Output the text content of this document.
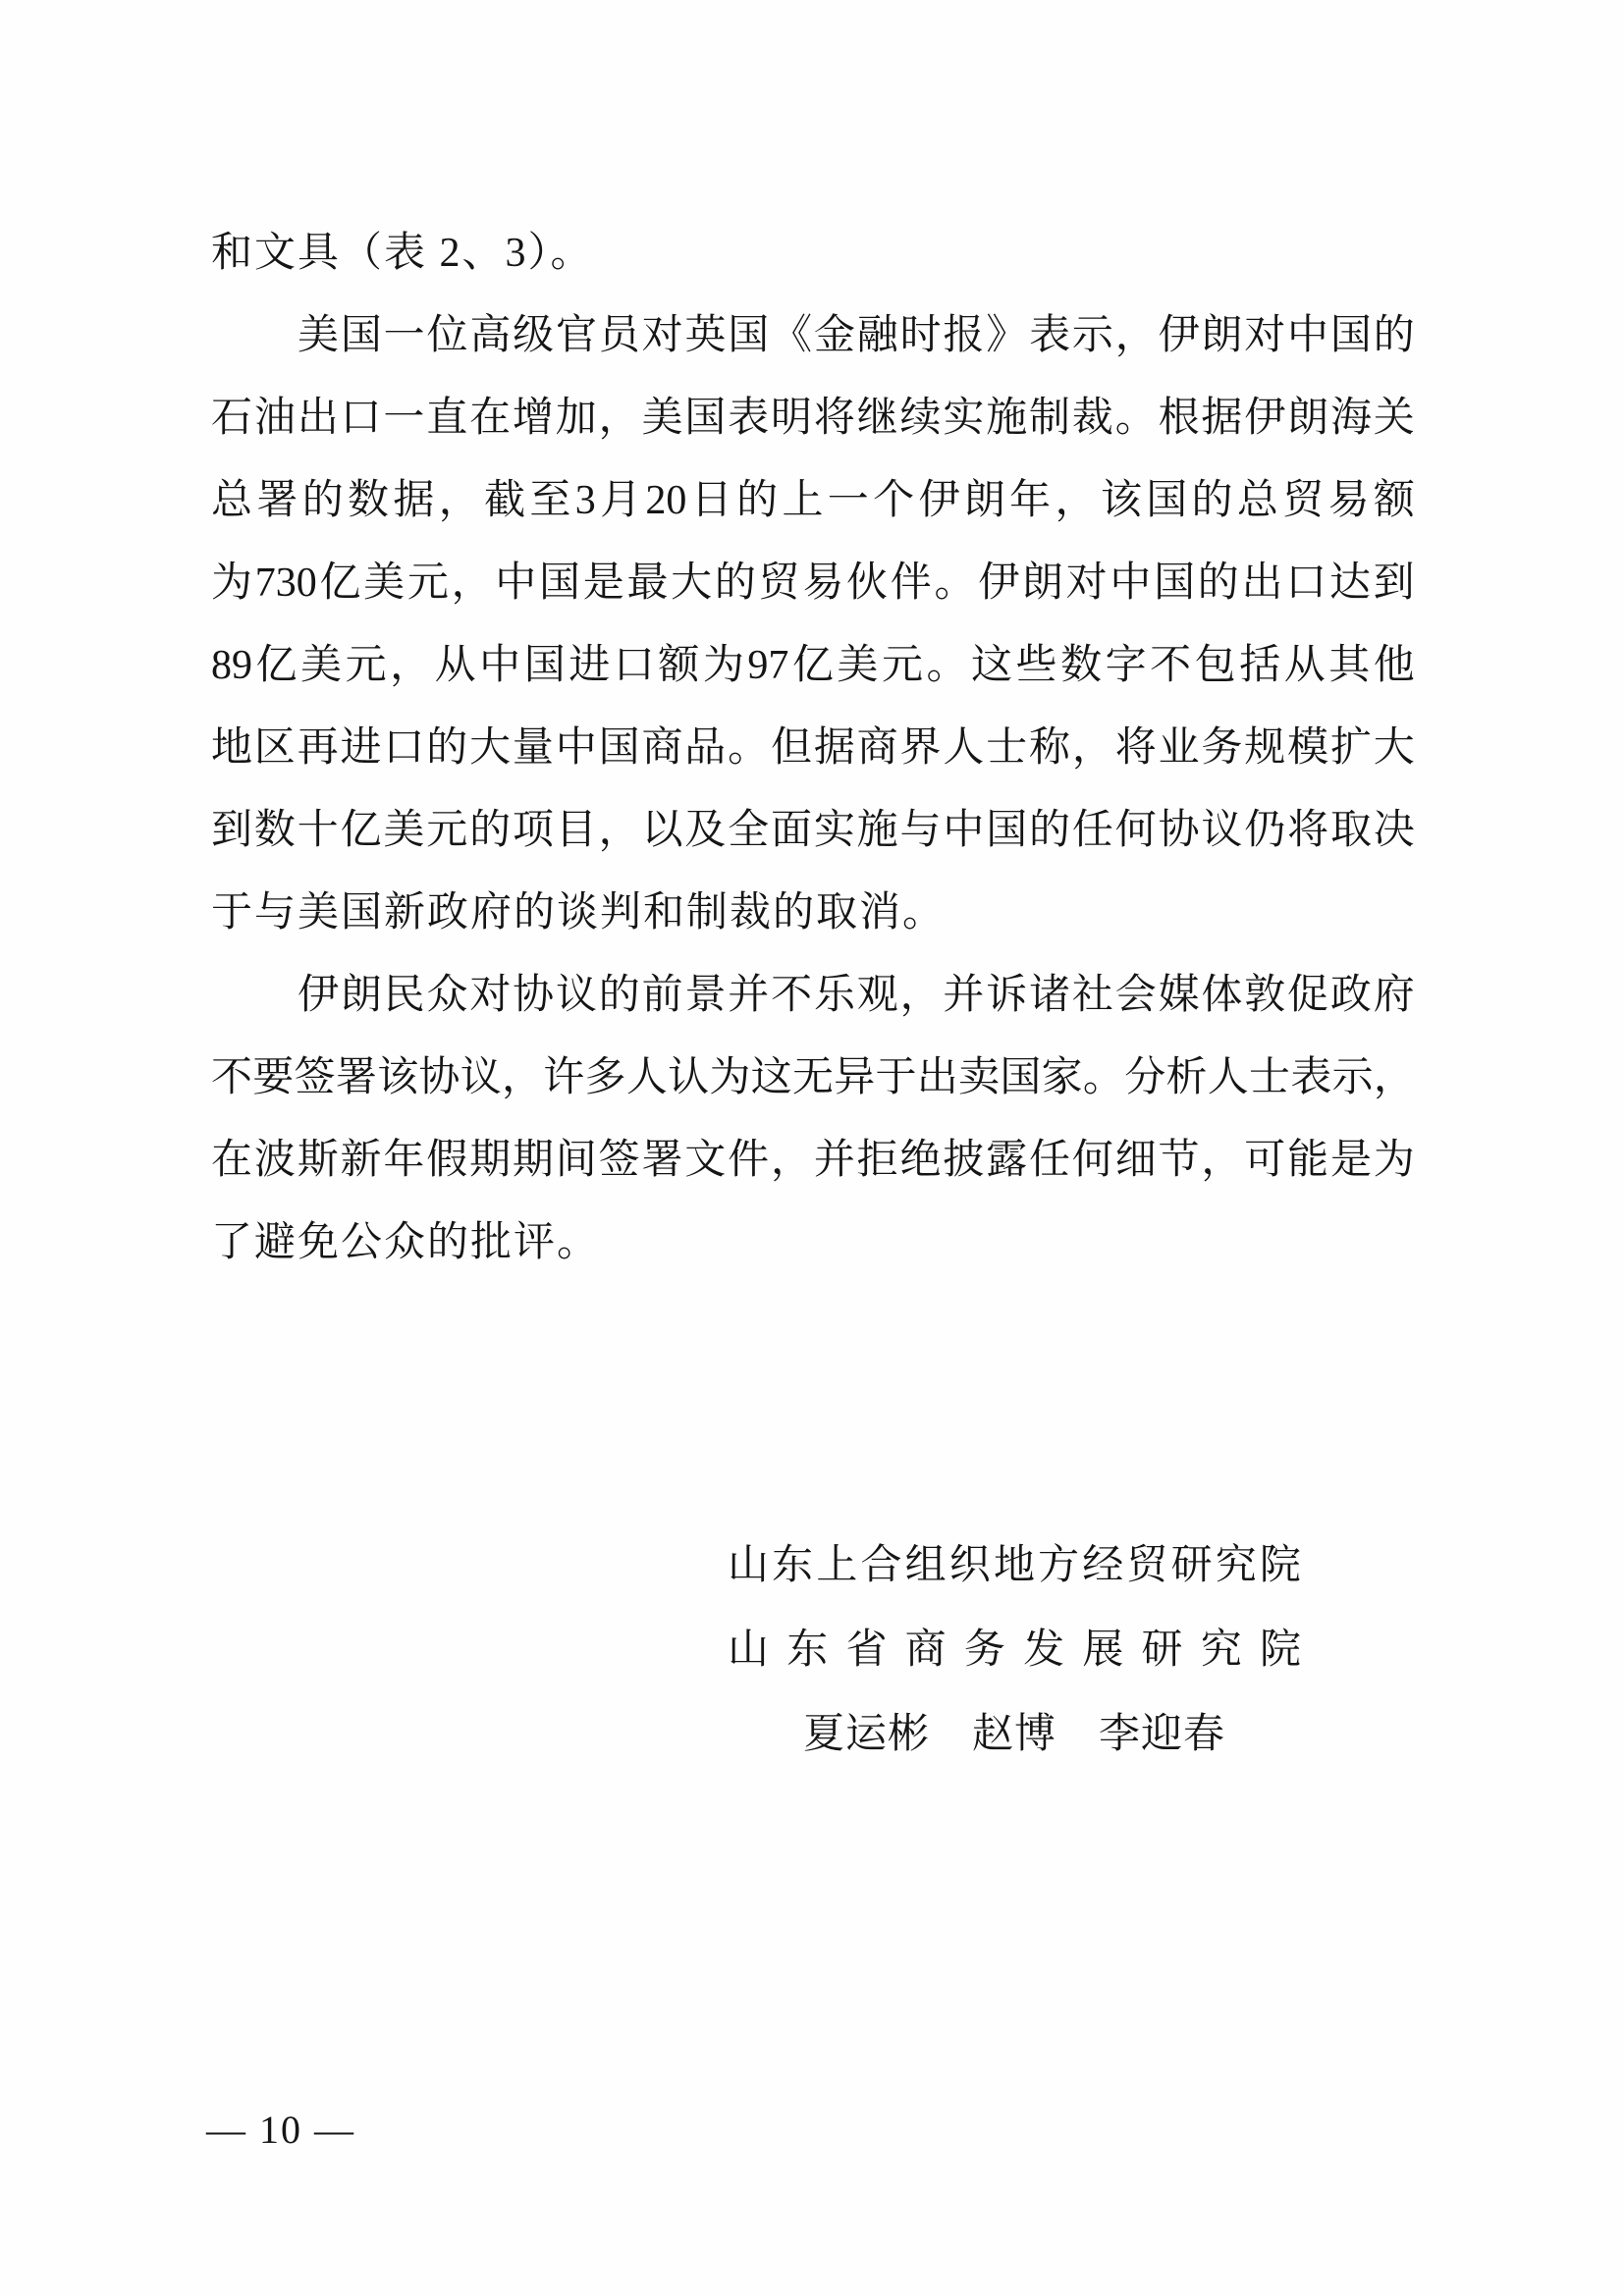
和文具（表 2、3）。
美 国 一 位 高 级 官 员 对 英 国 《 金 融 时 报 》 表 示 ， 伊 朗 对 中 国 的
石 油 出 口 一 直 在 增 加 ， 美 国 表 明 将 继 续 实 施 制 裁 。 根 据 伊 朗 海 关
总 署 的 数 据 ， 截 至 3 月 20 日 的 上 一 个 伊 朗 年 ， 该 国 的 总 贸 易 额
为 730 亿 美 元 ， 中 国 是 最 大 的 贸 易 伙 伴 。 伊 朗 对 中 国 的 出 口 达 到
89 亿 美 元 ， 从 中 国 进 口 额 为 97 亿 美 元 。 这 些 数 字 不 包 括 从 其 他
地 区 再 进 口 的 大 量 中 国 商 品 。 但 据 商 界 人 士 称 ， 将 业 务 规 模 扩 大
到 数 十 亿 美 元 的 项 目 ， 以 及 全 面 实 施 与 中 国 的 任 何 协 议 仍 将 取 决
于与美国新政府的谈判和制裁的取消。
伊 朗 民 众 对 协 议 的 前 景 并 不 乐 观 ， 并 诉 诸 社 会 媒 体 敦 促 政 府
不 要 签 署 该 协 议 ， 许 多 人 认 为 这 无 异 于 出 卖 国 家 。 分 析 人 士 表 示 ，
在 波 斯 新 年 假 期 期 间 签 署 文 件 ， 并 拒 绝 披 露 任 何 细 节 ， 可 能 是 为
了避免公众的批评。
山 东 上 合 组 织 地 方 经 贸 研 究 院
山 东 省 商 务 发 展 研 究 院
夏运彬　赵博　李迎春
— 10 —
